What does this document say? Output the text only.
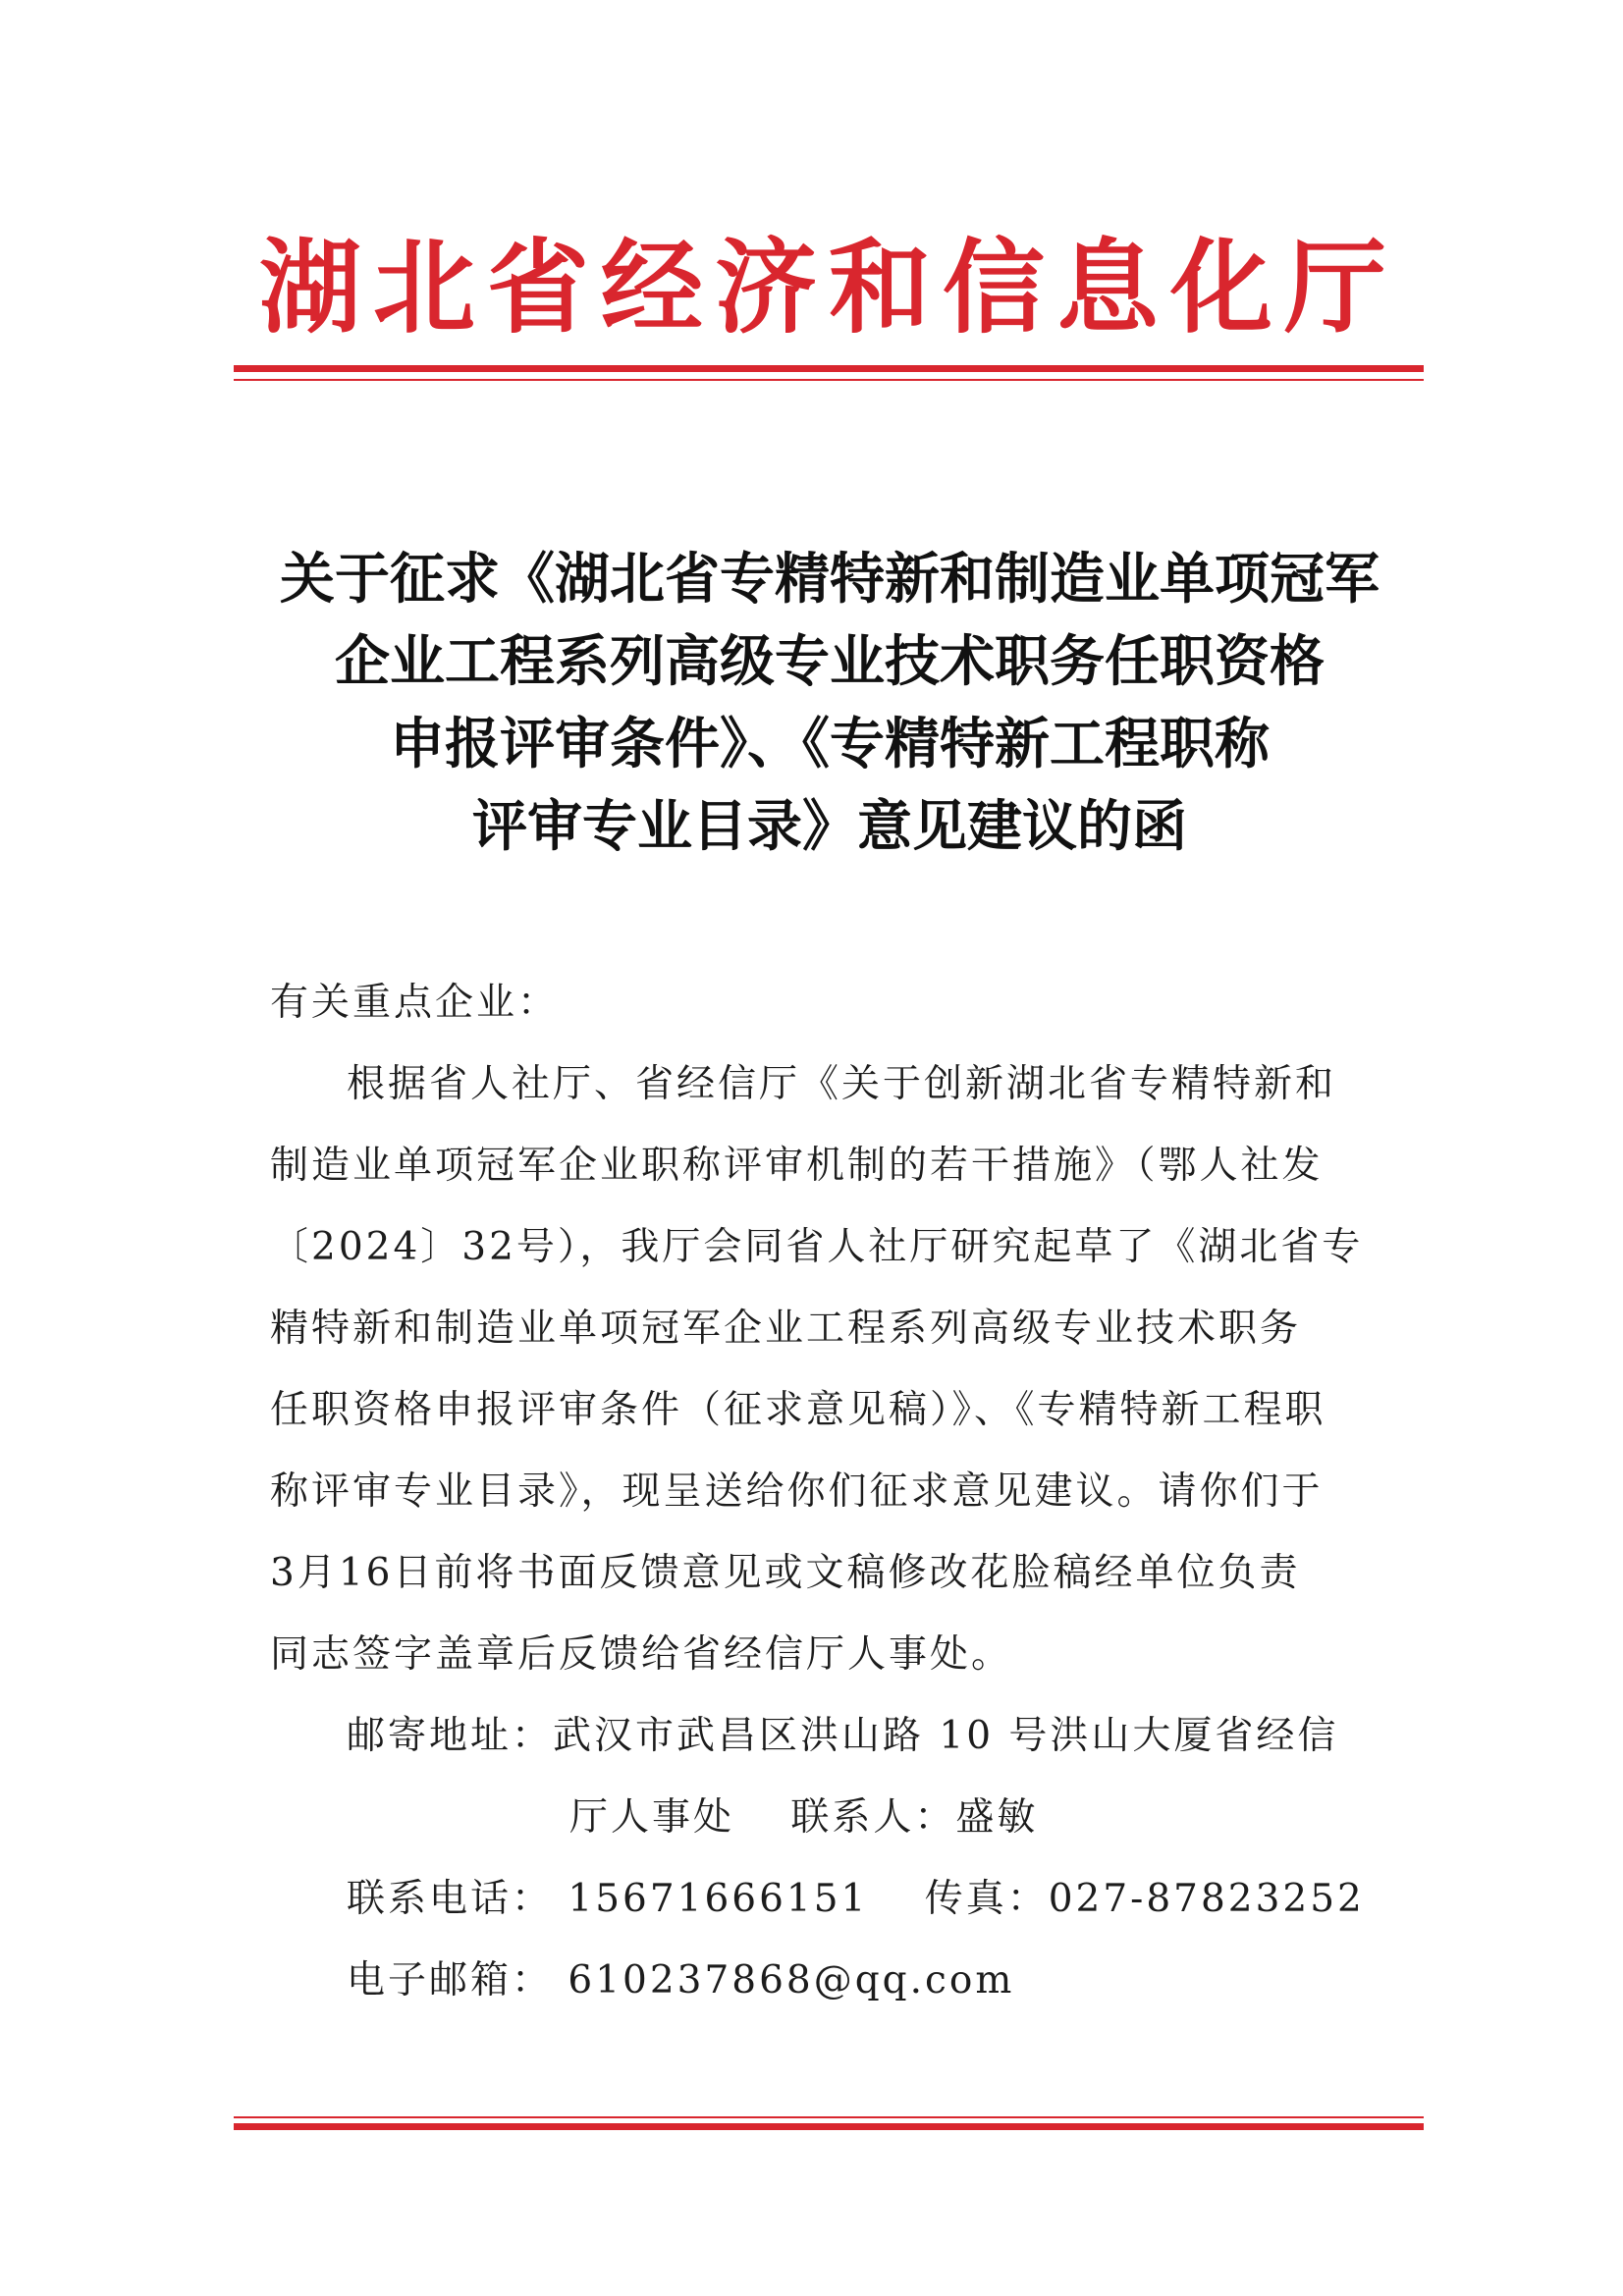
湖北省经济和信息化厅
关于征求《湖北省专精特新和制造业单项冠军
企业工程系列高级专业技术职务任职资格
申报评审条件》、《专精特新工程职称
评审专业目录》意见建议的函
有关重点企业：
根据省人社厅、省经信厅《关于创新湖北省专精特新和
制造业单项冠军企业职称评审机制的若干措施》（鄂人社发
〔2024〕32号），我厅会同省人社厅研究起草了《湖北省专
精特新和制造业单项冠军企业工程系列高级专业技术职务
任职资格申报评审条件（征求意见稿）》、《专精特新工程职
称评审专业目录》，现呈送给你们征求意见建议。请你们于
3月16日前将书面反馈意见或文稿修改花脸稿经单位负责
同志签字盖章后反馈给省经信厅人事处。
邮寄地址：武汉市武昌区洪山路 10 号洪山大厦省经信
厅人事处　 联系人：盛敏
联系电话： 15671666151　 传真：027-87823252
电子邮箱： 610237868@qq.com
